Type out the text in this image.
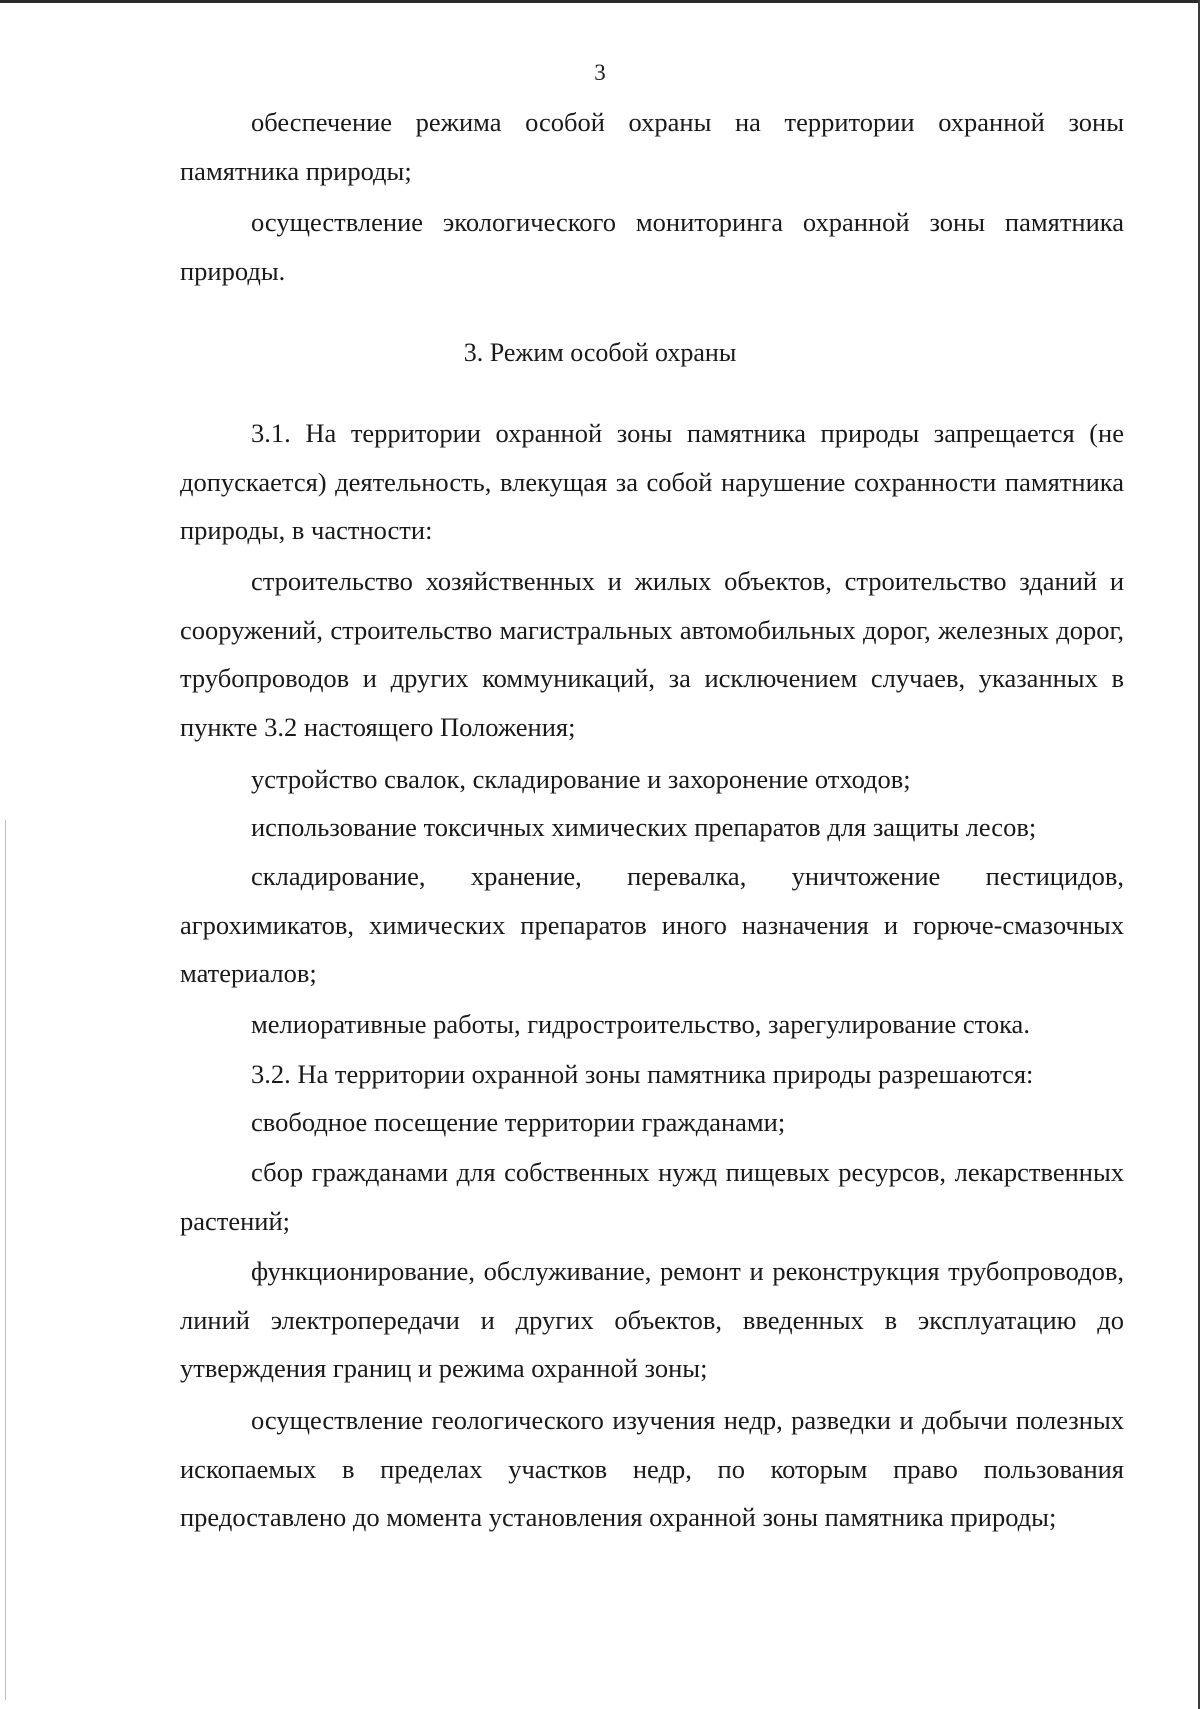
3

обеспечение режима особой охраны на территории охранной зоны памятника природы;

осуществление экологического мониторинга охранной зоны памятника природы.

3. Режим особой охраны

3.1. На территории охранной зоны памятника природы запрещается (не допускается) деятельность, влекущая за собой нарушение сохранности памятника природы, в частности:

строительство хозяйственных и жилых объектов, строительство зданий и сооружений, строительство магистральных автомобильных дорог, железных дорог, трубопроводов и других коммуникаций, за исключением случаев, указанных в пункте 3.2 настоящего Положения;

устройство свалок, складирование и захоронение отходов;

использование токсичных химических препаратов для защиты лесов;

складирование, хранение, перевалка, уничтожение пестицидов, агрохимикатов, химических препаратов иного назначения и горюче-смазочных материалов;

мелиоративные работы, гидростроительство, зарегулирование стока.

3.2. На территории охранной зоны памятника природы разрешаются:

свободное посещение территории гражданами;

сбор гражданами для собственных нужд пищевых ресурсов, лекарственных растений;

функционирование, обслуживание, ремонт и реконструкция трубопроводов, линий электропередачи и других объектов, введенных в эксплуатацию до утверждения границ и режима охранной зоны;

осуществление геологического изучения недр, разведки и добычи полезных ископаемых в пределах участков недр, по которым право пользования предоставлено до момента установления охранной зоны памятника природы;
